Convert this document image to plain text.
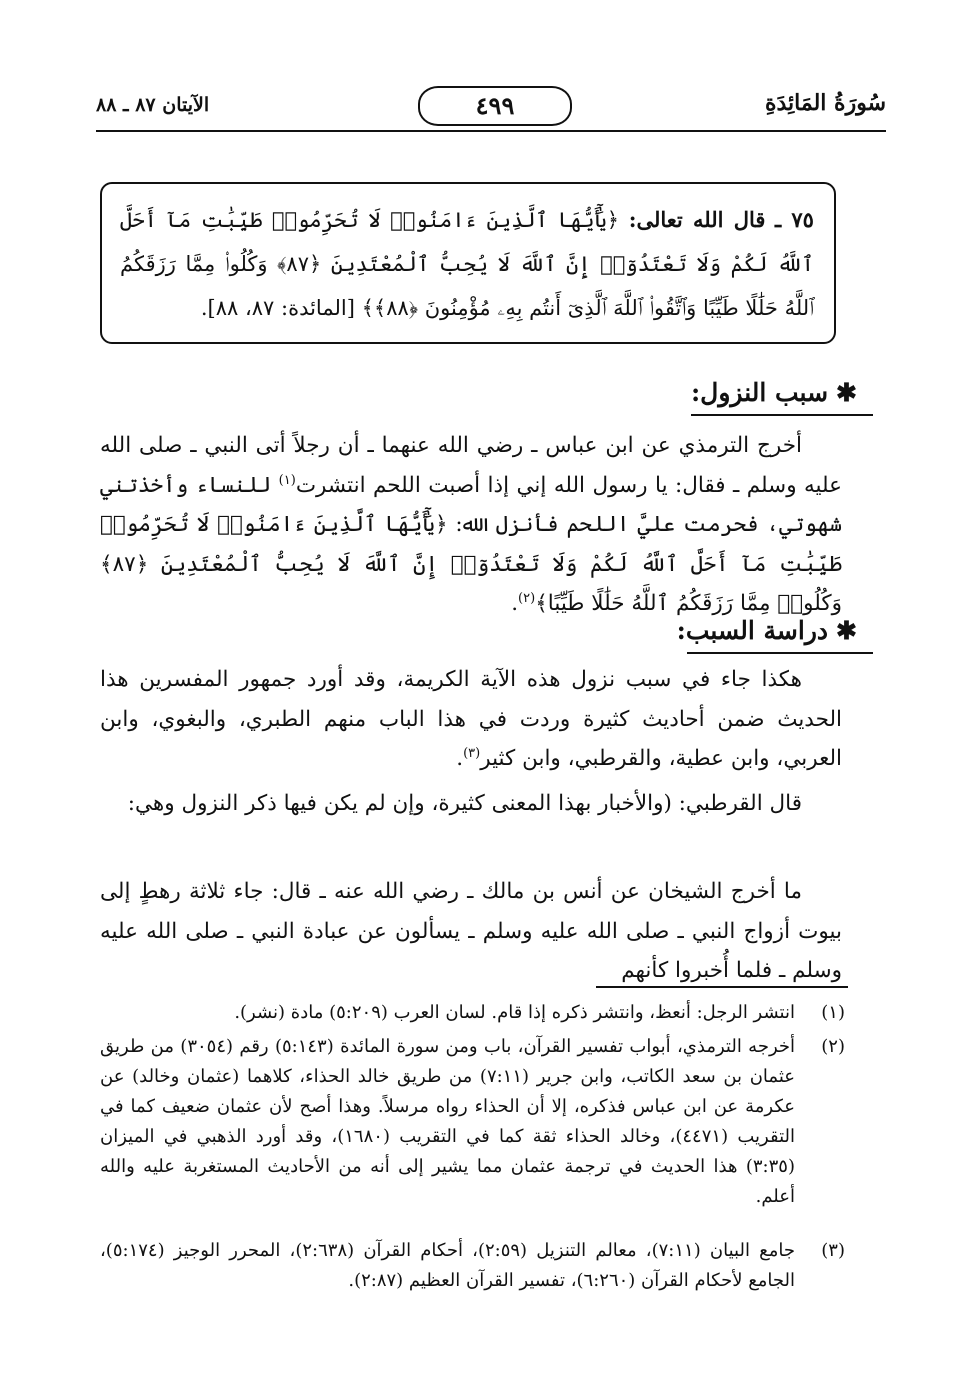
سُورَةُ المَائِدَةِ
٤٩٩
الآيتان ٨٧ ـ ٨٨
٧٥ ـ قال الله تعالى: ﴿يَٰٓأَيُّهَا ٱلَّذِينَ ءَامَنُوا۟ لَا تُحَرِّمُوا۟ طَيِّبَٰتِ مَآ أَحَلَّ ٱللَّهُ لَكُمْ وَلَا تَعْتَدُوٓا۟ إِنَّ ٱللَّهَ لَا يُحِبُّ ٱلْمُعْتَدِينَ ﴿٨٧﴾ وَكُلُوا۟ مِمَّا رَزَقَكُمُ ٱللَّهُ حَلَٰلًا طَيِّبًا وَٱتَّقُوا۟ ٱللَّهَ ٱلَّذِىٓ أَنتُم بِهِۦ مُؤْمِنُونَ ﴿٨٨﴾﴾ [المائدة: ٨٧، ٨٨].
✱سبب النزول:
أخرج الترمذي عن ابن عباس ـ رضي الله عنهما ـ أن رجلاً أتى النبي ـ صلى الله عليه وسلم ـ فقال: يا رسول الله إني إذا أصبت اللحم انتشرت$^{(١)}$ للنساء وأخذتني شهوتي، فحرمت عليَّ اللحم فأنزل الله: ﴿يَٰٓأَيُّهَا ٱلَّذِينَ ءَامَنُوا۟ لَا تُحَرِّمُوا۟ طَيِّبَٰتِ مَآ أَحَلَّ ٱللَّهُ لَكُمْ وَلَا تَعْتَدُوٓا۟ إِنَّ ٱللَّهَ لَا يُحِبُّ ٱلْمُعْتَدِينَ ﴿٨٧﴾ وَكُلُوا۟ مِمَّا رَزَقَكُمُ ٱللَّهُ حَلَٰلًا طَيِّبًا﴾$^{(٢)}$.
✱دراسة السبب:
هكذا جاء في سبب نزول هذه الآية الكريمة، وقد أورد جمهور المفسرين هذا الحديث ضمن أحاديث كثيرة وردت في هذا الباب منهم الطبري، والبغوي، وابن العربي، وابن عطية، والقرطبي، وابن كثير$^{(٣)}$.
قال القرطبي: (والأخبار بهذا المعنى كثيرة، وإن لم يكن فيها ذكر النزول وهي:
ما أخرج الشيخان عن أنس بن مالك ـ رضي الله عنه ـ قال: جاء ثلاثة رهطٍ إلى بيوت أزواج النبي ـ صلى الله عليه وسلم ـ يسألون عن عبادة النبي ـ صلى الله عليه وسلم ـ فلما أُخبروا كأنهم
(١)
انتشر الرجل: أنعظ، وانتشر ذكره إذا قام. لسان العرب (٥:٢٠٩) مادة (نشر).
(٢)
أخرجه الترمذي، أبواب تفسير القرآن، باب ومن سورة المائدة (٥:١٤٣) رقم (٣٠٥٤) من طريق عثمان بن سعد الكاتب، وابن جرير (٧:١١) من طريق خالد الحذاء، كلاهما (عثمان وخالد) عن عكرمة عن ابن عباس فذكره، إلا أن الحذاء رواه مرسلاً. وهذا أصح لأن عثمان ضعيف كما في التقريب (٤٤٧١)، وخالد الحذاء ثقة كما في التقريب (١٦٨٠)، وقد أورد الذهبي في الميزان (٣:٣٥) هذا الحديث في ترجمة عثمان مما يشير إلى أنه من الأحاديث المستغربة عليه والله أعلم.
(٣)
جامع البيان (٧:١١)، معالم التنزيل (٢:٥٩)، أحكام القرآن (٢:٦٣٨)، المحرر الوجيز (٥:١٧٤)، الجامع لأحكام القرآن (٦:٢٦٠)، تفسير القرآن العظيم (٢:٨٧).
